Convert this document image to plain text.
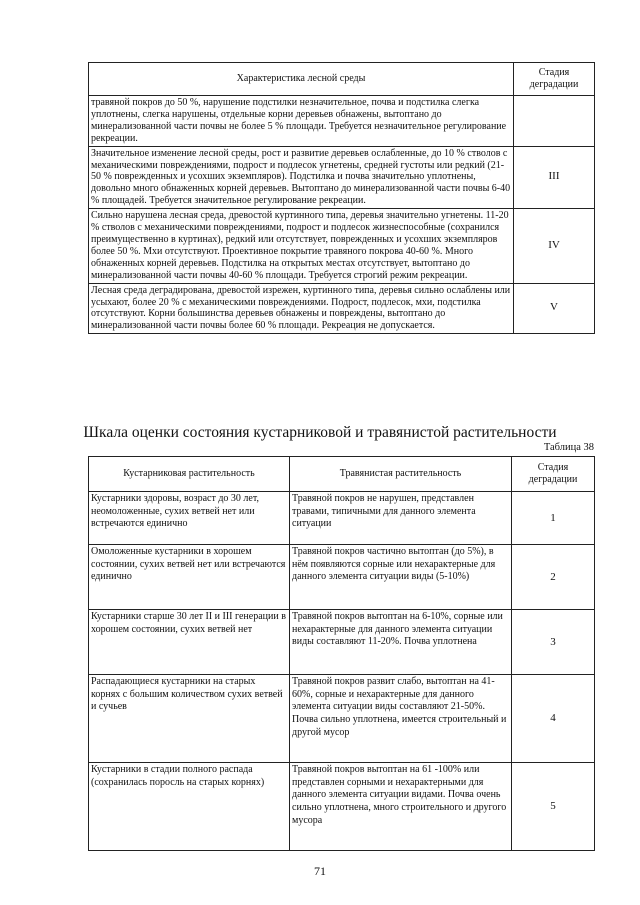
Характеристика лесной среды	Стадия деградации
травяной покров до 50 %, нарушение подстилки незначительное, почва и подстилка слегка уплотнены, слегка нарушены, отдельные корни деревьев обнажены, вытоптано до минерализованной части почвы не более 5 % площади. Требуется незначительное регулирование рекреации.	
Значительное изменение лесной среды, рост и развитие деревьев ослабленные, до 10 % стволов с механическими повреждениями, подрост и подлесок угнетены, средней густоты или редкий (21-50 % поврежденных и усохших экземпляров). Подстилка и почва значительно уплотнены, довольно много обнаженных корней деревьев. Вытоптано до минерализованной части почвы 6-40 % площадей. Требуется значительное регулирование рекреации.	III
Сильно нарушена лесная среда, древостой куртинного типа, деревья значительно угнетены. 11-20 % стволов с механическими повреждениями, подрост и подлесок жизнеспособные (сохранился преимущественно в куртинах), редкий или отсутствует, поврежденных и усохших экземпляров более 50 %. Мхи отсутствуют. Проективное покрытие травяного покрова 40-60 %. Много обнаженных корней деревьев. Подстилка на открытых местах отсутствует, вытоптано до минерализованной части почвы 40-60 % площади. Требуется строгий режим рекреации.	IV
Лесная среда деградирована, древостой изрежен, куртинного типа, деревья сильно ослаблены или усыхают, более 20 % с механическими повреждениями. Подрост, подлесок, мхи, подстилка отсутствуют. Корни большинства деревьев обнажены и повреждены, вытоптано до минерализованной части почвы более 60 % площади. Рекреация не допускается.	V
Шкала оценки состояния кустарниковой и травянистой растительности
Таблица 38
Кустарниковая растительность	Травянистая растительность	Стадия деградации
Кустарники здоровы, возраст до 30 лет, неомоложенные, сухих ветвей нет или встречаются единично	Травяной покров не нарушен, представлен травами, типичными для данного элемента ситуации	1
Омоложенные кустарники в хорошем состоянии, сухих ветвей нет или встречаются единично	Травяной покров частично вытоптан (до 5%), в нём появляются сорные или нехарактерные для данного элемента ситуации виды (5-10%)	2
Кустарники старше 30 лет II и III генерации в хорошем состоянии, сухих ветвей нет	Травяной покров вытоптан на 6-10%, сорные или нехарактерные для данного элемента ситуации виды составляют 11-20%. Почва уплотнена	3
Распадающиеся кустарники на старых корнях с большим количеством сухих ветвей и сучьев	Травяной покров развит слабо, вытоптан на 41-60%, сорные и нехарактерные для данного элемента ситуации виды составляют 21-50%. Почва сильно уплотнена, имеется строительный и другой мусор	4
Кустарники в стадии полного распада (сохранилась поросль на старых корнях)	Травяной покров вытоптан на 61 -100% или представлен сорными и нехарактерными для данного элемента ситуации видами. Почва очень сильно уплотнена, много строительного и другого мусора	5
71
